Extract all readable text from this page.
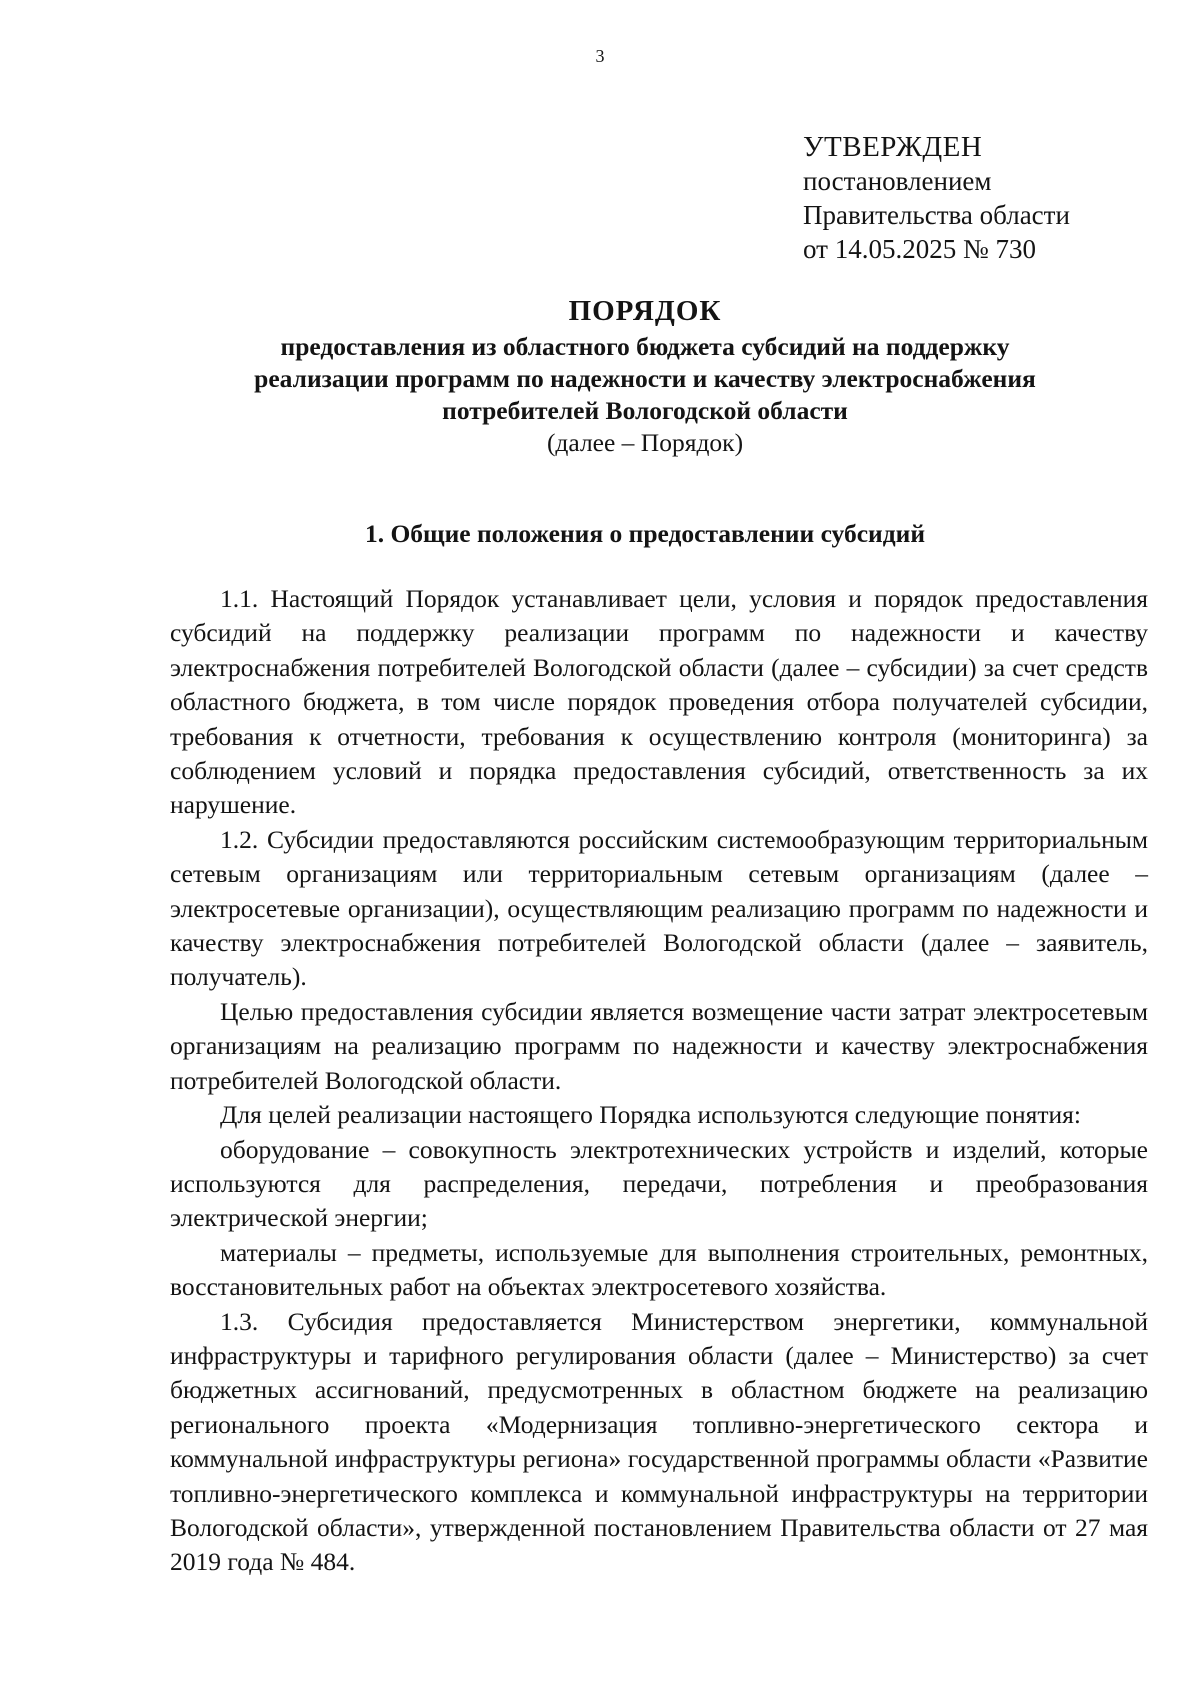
3
УТВЕРЖДЕН
постановлением
Правительства области
от 14.05.2025 № 730
ПОРЯДОК
предоставления из областного бюджета субсидий на поддержку
реализации программ по надежности и качеству электроснабжения
потребителей Вологодской области
(далее – Порядок)
1. Общие положения о предоставлении субсидий

1.1. Настоящий Порядок устанавливает цели, условия и порядок предоставления субсидий на поддержку реализации программ по надежности и качеству электроснабжения потребителей Вологодской области (далее – субсидии) за счет средств областного бюджета, в том числе порядок проведения отбора получателей субсидии, требования к отчетности, требования к осуществлению контроля (мониторинга) за соблюдением условий и порядка предоставления субсидий, ответственность за их нарушение.

1.2. Субсидии предоставляются российским системообразующим территориальным сетевым организациям или территориальным сетевым организациям (далее – электросетевые организации), осуществляющим реализацию программ по надежности и качеству электроснабжения потребителей Вологодской области (далее – заявитель, получатель).

Целью предоставления субсидии является возмещение части затрат электросетевым организациям на реализацию программ по надежности и качеству электроснабжения потребителей Вологодской области.

Для целей реализации настоящего Порядка используются следующие понятия:

оборудование – совокупность электротехнических устройств и изделий, которые используются для распределения, передачи, потребления и преобразования электрической энергии;

материалы – предметы, используемые для выполнения строительных, ремонтных, восстановительных работ на объектах электросетевого хозяйства.

1.3. Субсидия предоставляется Министерством энергетики, коммунальной инфраструктуры и тарифного регулирования области (далее – Министерство) за счет бюджетных ассигнований, предусмотренных в областном бюджете на реализацию регионального проекта «Модернизация топливно-энергетического сектора и коммунальной инфраструктуры региона» государственной программы области «Развитие топливно-энергетического комплекса и коммунальной инфраструктуры на территории Вологодской области», утвержденной постановлением Правительства области от 27 мая 2019 года № 484.
